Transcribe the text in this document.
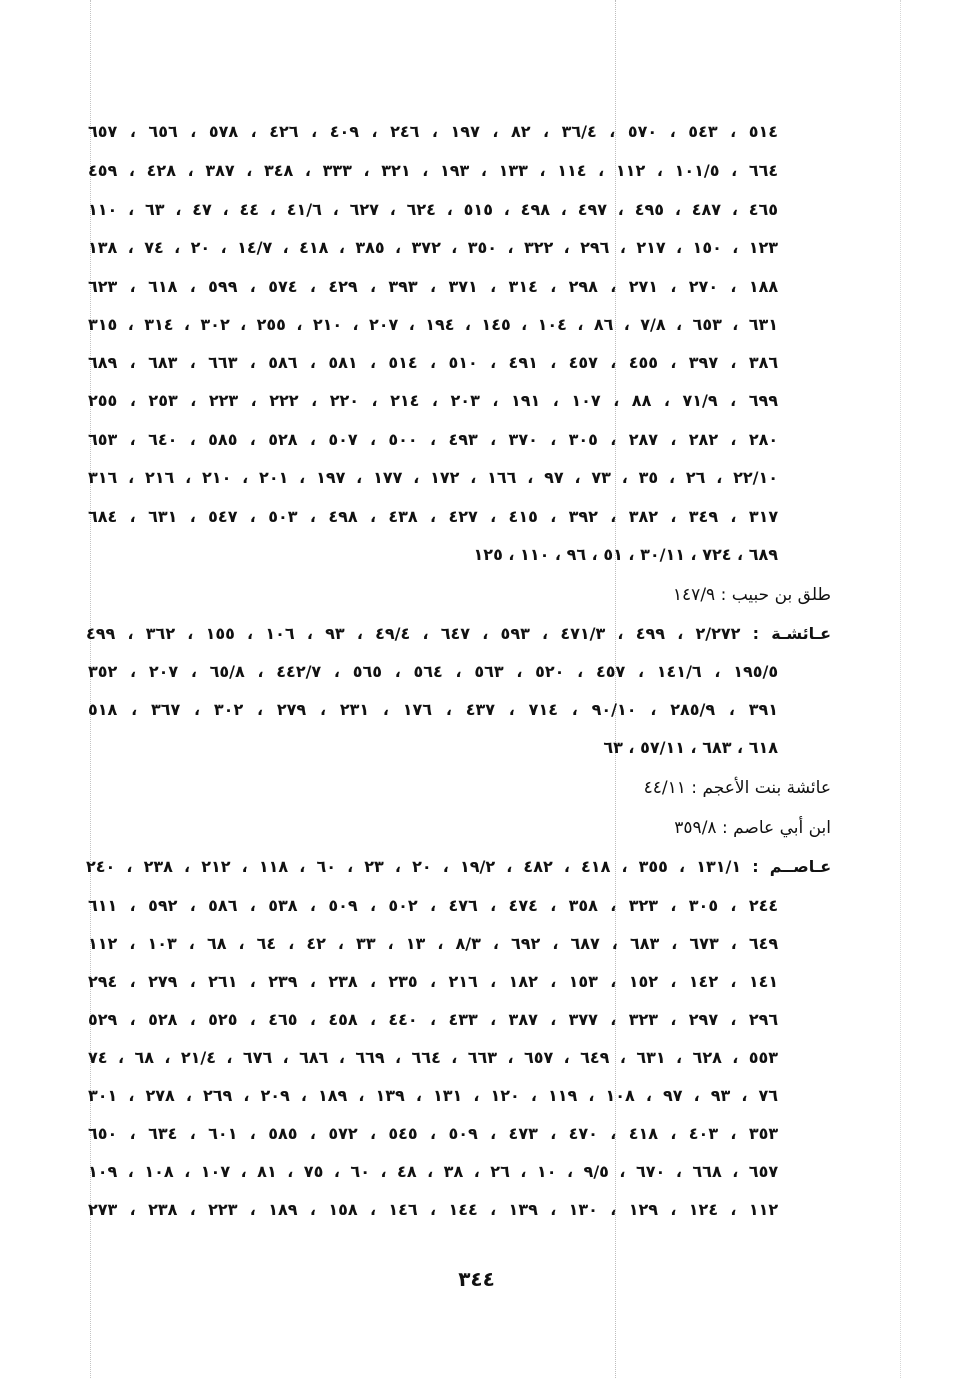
٥١٤ ، ٥٤٣ ، ٥٧٠ ، ٣٦/٤ ، ٨٢ ، ١٩٧ ، ٢٤٦ ، ٤٠٩ ، ٤٢٦ ، ٥٧٨ ، ٦٥٦ ، ٦٥٧
٦٦٤ ، ١٠١/٥ ، ١١٢ ، ١١٤ ، ١٣٣ ، ١٩٣ ، ٣٢١ ، ٣٣٣ ، ٣٤٨ ، ٣٨٧ ، ٤٢٨ ، ٤٥٩
٤٦٥ ، ٤٨٧ ، ٤٩٥ ، ٤٩٧ ، ٤٩٨ ، ٥١٥ ، ٦٢٤ ، ٦٢٧ ، ٤١/٦ ، ٤٤ ، ٤٧ ، ٦٣ ، ١١٠
١٢٣ ، ١٥٠ ، ٢١٧ ، ٢٩٦ ، ٣٢٢ ، ٣٥٠ ، ٣٧٢ ، ٣٨٥ ، ٤١٨ ، ١٤/٧ ، ٢٠ ، ٧٤ ، ١٣٨
١٨٨ ، ٢٧٠ ، ٢٧١ ، ٢٩٨ ، ٣١٤ ، ٣٧١ ، ٣٩٣ ، ٤٢٩ ، ٥٧٤ ، ٥٩٩ ، ٦١٨ ، ٦٢٣
٦٣١ ، ٦٥٣ ، ٧/٨ ، ٨٦ ، ١٠٤ ، ١٤٥ ، ١٩٤ ، ٢٠٧ ، ٢١٠ ، ٢٥٥ ، ٣٠٢ ، ٣١٤ ، ٣١٥
٣٨٦ ، ٣٩٧ ، ٤٥٥ ، ٤٥٧ ، ٤٩١ ، ٥١٠ ، ٥١٤ ، ٥٨١ ، ٥٨٦ ، ٦٦٣ ، ٦٨٣ ، ٦٨٩
٦٩٩ ، ٧١/٩ ، ٨٨ ، ١٠٧ ، ١٩١ ، ٢٠٣ ، ٢١٤ ، ٢٢٠ ، ٢٢٢ ، ٢٢٣ ، ٢٥٣ ، ٢٥٥
٢٨٠ ، ٢٨٢ ، ٢٨٧ ، ٣٠٥ ، ٣٧٠ ، ٤٩٣ ، ٥٠٠ ، ٥٠٧ ، ٥٢٨ ، ٥٨٥ ، ٦٤٠ ، ٦٥٣
٢٢/١٠ ، ٢٦ ، ٣٥ ، ٧٣ ، ٩٧ ، ١٦٦ ، ١٧٢ ، ١٧٧ ، ١٩٧ ، ٢٠١ ، ٢١٠ ، ٢١٦ ، ٣١٦
٣١٧ ، ٣٤٩ ، ٣٨٢ ، ٣٩٢ ، ٤١٥ ، ٤٢٧ ، ٤٣٨ ، ٤٩٨ ، ٥٠٣ ، ٥٤٧ ، ٦٣١ ، ٦٨٤
٦٨٩ ، ٧٢٤ ، ٣٠/١١ ، ٥١ ، ٩٦ ، ١١٠ ، ١٢٥
طلق بن حبيب : ١٤٧/٩
عـائشـة : ٢/٢٧٢ ، ٤٩٩ ، ٤٧١/٣ ، ٥٩٣ ، ٦٤٧ ، ٤٩/٤ ، ٩٣ ، ١٠٦ ، ١٥٥ ، ٣٦٢ ، ٤٩٩
١٩٥/٥ ، ١٤١/٦ ، ٤٥٧ ، ٥٢٠ ، ٥٦٣ ، ٥٦٤ ، ٥٦٥ ، ٤٤٢/٧ ، ٦٥/٨ ، ٢٠٧ ، ٣٥٢
٣٩١ ، ٢٨٥/٩ ، ٩٠/١٠ ، ٧١٤ ، ٤٣٧ ، ١٧٦ ، ٢٣١ ، ٢٧٩ ، ٣٠٢ ، ٣٦٧ ، ٥١٨
٦١٨ ، ٦٨٣ ، ٥٧/١١ ، ٦٣
عائشة بنت الأعجم : ٤٤/١١
ابن أبي عاصم : ٣٥٩/٨
عـاصــم : ١٣١/١ ، ٣٥٥ ، ٤١٨ ، ٤٨٢ ، ١٩/٢ ، ٢٠ ، ٢٣ ، ٦٠ ، ١١٨ ، ٢١٢ ، ٢٣٨ ، ٢٤٠
٢٤٤ ، ٣٠٥ ، ٣٢٣ ، ٣٥٨ ، ٤٧٤ ، ٤٧٦ ، ٥٠٢ ، ٥٠٩ ، ٥٣٨ ، ٥٨٦ ، ٥٩٢ ، ٦١١
٦٤٩ ، ٦٧٣ ، ٦٨٣ ، ٦٨٧ ، ٦٩٢ ، ٨/٣ ، ١٣ ، ٣٣ ، ٤٢ ، ٦٤ ، ٦٨ ، ١٠٣ ، ١١٢
١٤١ ، ١٤٢ ، ١٥٢ ، ١٥٣ ، ١٨٢ ، ٢١٦ ، ٢٣٥ ، ٢٣٨ ، ٢٣٩ ، ٢٦١ ، ٢٧٩ ، ٢٩٤
٢٩٦ ، ٢٩٧ ، ٣٢٣ ، ٣٧٧ ، ٣٨٧ ، ٤٣٣ ، ٤٤٠ ، ٤٥٨ ، ٤٦٥ ، ٥٢٥ ، ٥٢٨ ، ٥٢٩
٥٥٣ ، ٦٢٨ ، ٦٣١ ، ٦٤٩ ، ٦٥٧ ، ٦٦٣ ، ٦٦٤ ، ٦٦٩ ، ٦٨٦ ، ٦٧٦ ، ٢١/٤ ، ٦٨ ، ٧٤
٧٦ ، ٩٣ ، ٩٧ ، ١٠٨ ، ١١٩ ، ١٢٠ ، ١٣١ ، ١٣٩ ، ١٨٩ ، ٢٠٩ ، ٢٦٩ ، ٢٧٨ ، ٣٠١
٣٥٣ ، ٤٠٣ ، ٤١٨ ، ٤٧٠ ، ٤٧٣ ، ٥٠٩ ، ٥٤٥ ، ٥٧٢ ، ٥٨٥ ، ٦٠١ ، ٦٣٤ ، ٦٥٠
٦٥٧ ، ٦٦٨ ، ٦٧٠ ، ٩/٥ ، ١٠ ، ٢٦ ، ٣٨ ، ٤٨ ، ٦٠ ، ٧٥ ، ٨١ ، ١٠٧ ، ١٠٨ ، ١٠٩
١١٢ ، ١٢٤ ، ١٢٩ ، ١٣٠ ، ١٣٩ ، ١٤٤ ، ١٤٦ ، ١٥٨ ، ١٨٩ ، ٢٢٣ ، ٢٣٨ ، ٢٧٣
٣٤٤
